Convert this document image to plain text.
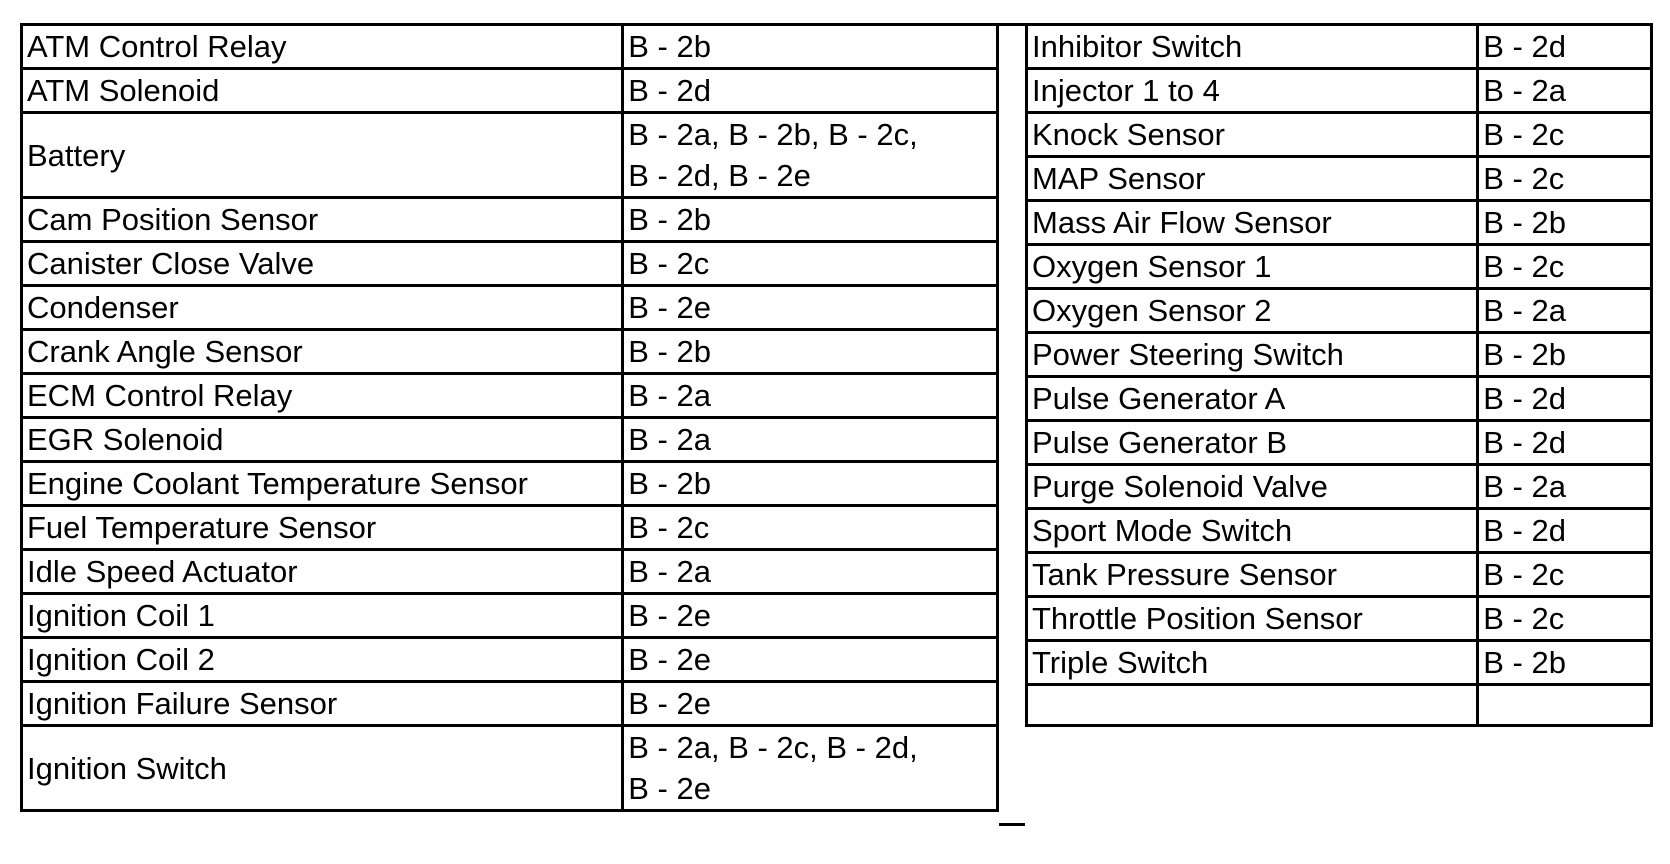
ATM Control Relay	B - 2b

ATM Solenoid	B - 2d

Battery	B - 2a, B - 2b, B - 2c,
B - 2d, B - 2e

Cam Position Sensor	B - 2b

Canister Close Valve	B - 2c

Condenser	B - 2e

Crank Angle Sensor	B - 2b

ECM Control Relay	B - 2a

EGR Solenoid	B - 2a

Engine Coolant Temperature Sensor	B - 2b

Fuel Temperature Sensor	B - 2c

Idle Speed Actuator	B - 2a

Ignition Coil 1	B - 2e

Ignition Coil 2	B - 2e

Ignition Failure Sensor	B - 2e

Ignition Switch	B - 2a, B - 2c, B - 2d,
B - 2e
Inhibitor Switch	B - 2d

Injector 1 to 4	B - 2a

Knock Sensor	B - 2c

MAP Sensor	B - 2c

Mass Air Flow Sensor	B - 2b

Oxygen Sensor 1	B - 2c

Oxygen Sensor 2	B - 2a

Power Steering Switch	B - 2b

Pulse Generator A	B - 2d

Pulse Generator B	B - 2d

Purge Solenoid Valve	B - 2a

Sport Mode Switch	B - 2d

Tank Pressure Sensor	B - 2c

Throttle Position Sensor	B - 2c

Triple Switch	B - 2b
